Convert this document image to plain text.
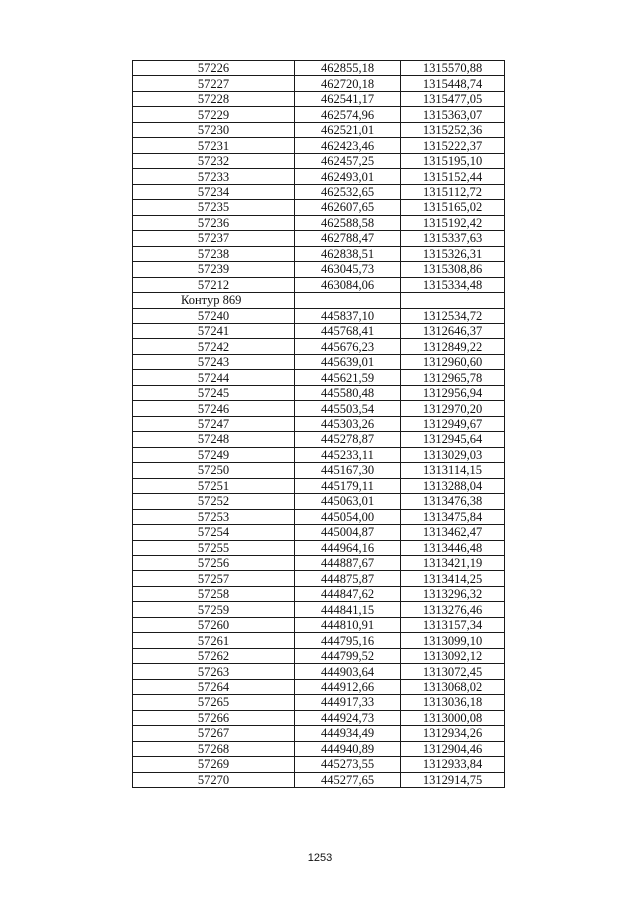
57226	462855,18	1315570,88
57227	462720,18	1315448,74
57228	462541,17	1315477,05
57229	462574,96	1315363,07
57230	462521,01	1315252,36
57231	462423,46	1315222,37
57232	462457,25	1315195,10
57233	462493,01	1315152,44
57234	462532,65	1315112,72
57235	462607,65	1315165,02
57236	462588,58	1315192,42
57237	462788,47	1315337,63
57238	462838,51	1315326,31
57239	463045,73	1315308,86
57212	463084,06	1315334,48
Контур 869		
57240	445837,10	1312534,72
57241	445768,41	1312646,37
57242	445676,23	1312849,22
57243	445639,01	1312960,60
57244	445621,59	1312965,78
57245	445580,48	1312956,94
57246	445503,54	1312970,20
57247	445303,26	1312949,67
57248	445278,87	1312945,64
57249	445233,11	1313029,03
57250	445167,30	1313114,15
57251	445179,11	1313288,04
57252	445063,01	1313476,38
57253	445054,00	1313475,84
57254	445004,87	1313462,47
57255	444964,16	1313446,48
57256	444887,67	1313421,19
57257	444875,87	1313414,25
57258	444847,62	1313296,32
57259	444841,15	1313276,46
57260	444810,91	1313157,34
57261	444795,16	1313099,10
57262	444799,52	1313092,12
57263	444903,64	1313072,45
57264	444912,66	1313068,02
57265	444917,33	1313036,18
57266	444924,73	1313000,08
57267	444934,49	1312934,26
57268	444940,89	1312904,46
57269	445273,55	1312933,84
57270	445277,65	1312914,75
1253
